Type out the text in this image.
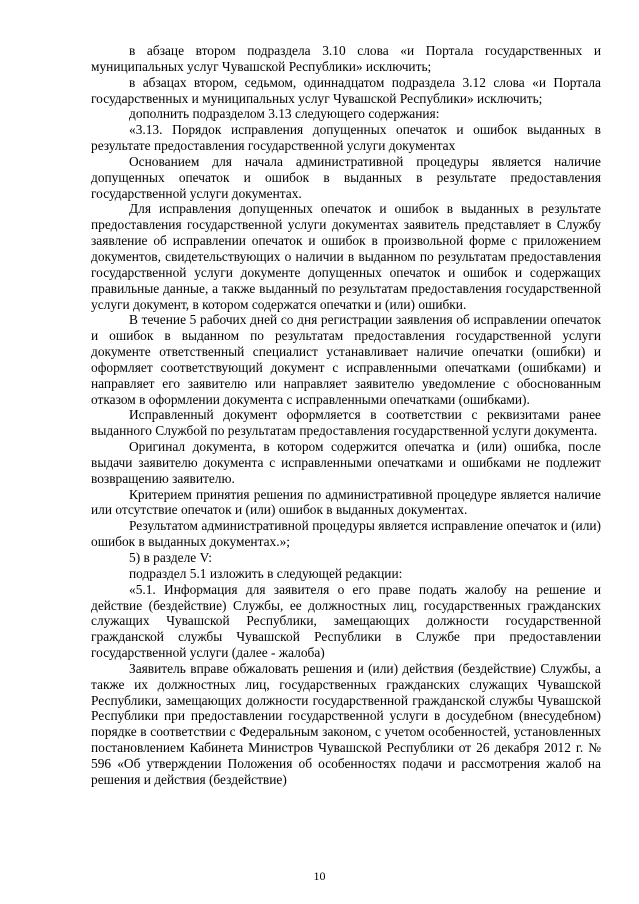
в абзаце втором подраздела 3.10 слова «и Портала государственных и муниципальных услуг Чувашской Республики» исключить;

в абзацах втором, седьмом, одиннадцатом подраздела 3.12 слова «и Портала государственных и муниципальных услуг Чувашской Республики» исключить;

дополнить подразделом 3.13 следующего содержания:

«3.13. Порядок исправления допущенных опечаток и ошибок выданных в результате предоставления государственной услуги документах

Основанием для начала административной процедуры является наличие допущенных опечаток и ошибок в выданных в результате предоставления государственной услуги документах.

Для исправления допущенных опечаток и ошибок в выданных в результате предоставления государственной услуги документах заявитель представляет в Службу заявление об исправлении опечаток и ошибок в произвольной форме с приложением документов, свидетельствующих о наличии в выданном по результатам предоставления государственной услуги документе допущенных опечаток и ошибок и содержащих правильные данные, а также выданный по результатам предоставления государственной услуги документ, в котором содержатся опечатки и (или) ошибки.

В течение 5 рабочих дней со дня регистрации заявления об исправлении опечаток и ошибок в выданном по результатам предоставления государственной услуги документе ответственный специалист устанавливает наличие опечатки (ошибки) и оформляет соответствующий документ с исправленными опечатками (ошибками) и направляет его заявителю или направляет заявителю уведомление с обоснованным отказом в оформлении документа с исправленными опечатками (ошибками).

Исправленный документ оформляется в соответствии с реквизитами ранее выданного Службой по результатам предоставления государственной услуги документа.

Оригинал документа, в котором содержится опечатка и (или) ошибка, после выдачи заявителю документа с исправленными опечатками и ошибками не подлежит возвращению заявителю.

Критерием принятия решения по административной процедуре является наличие или отсутствие опечаток и (или) ошибок в выданных документах.

Результатом административной процедуры является исправление опечаток и (или) ошибок в выданных документах.»;

5) в разделе V:

подраздел 5.1 изложить в следующей редакции:

«5.1. Информация для заявителя о его праве подать жалобу на решение и действие (бездействие) Службы, ее должностных лиц, государственных гражданских служащих Чувашской Республики, замещающих должности государственной гражданской службы Чувашской Республики в Службе при предоставлении государственной услуги (далее - жалоба)

Заявитель вправе обжаловать решения и (или) действия (бездействие) Службы, а также их должностных лиц, государственных гражданских служащих Чувашской Республики, замещающих должности государственной гражданской службы Чувашской Республики при предоставлении государственной услуги в досудебном (внесудебном) порядке в соответствии с Федеральным законом, с учетом особенностей, установленных постановлением Кабинета Министров Чувашской Республики от 26 декабря 2012 г. № 596 «Об утверждении Положения об особенностях подачи и рассмотрения жалоб на решения и действия (бездействие)

10
